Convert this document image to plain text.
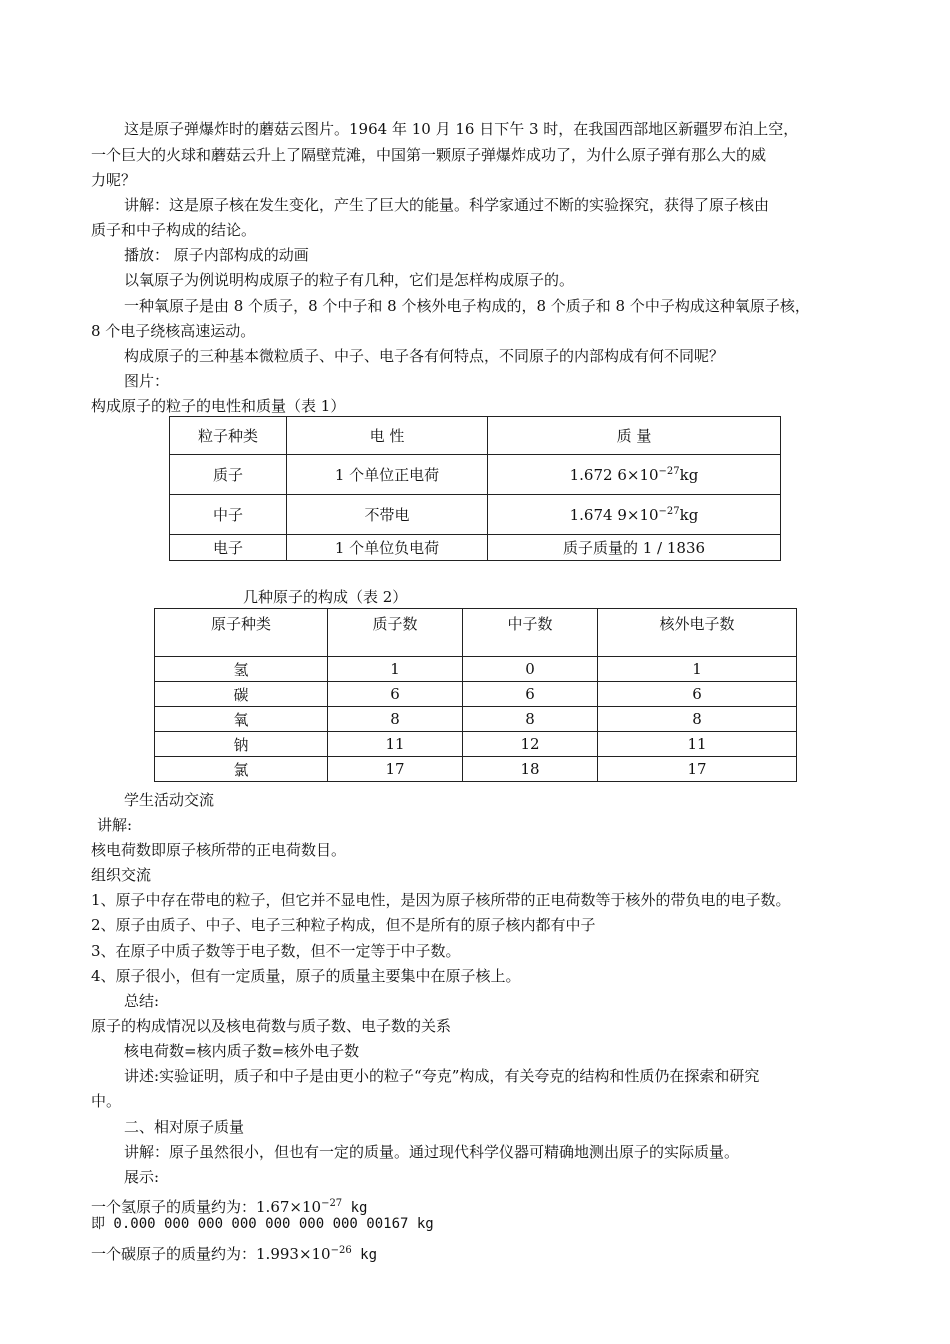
这是原子弹爆炸时的蘑菇云图片。1964 年 10 月 16 日下午 3 时，在我国西部地区新疆罗布泊上空，
一个巨大的火球和蘑菇云升上了隔壁荒滩，中国第一颗原子弹爆炸成功了，为什么原子弹有那么大的威
力呢？
讲解：这是原子核在发生变化，产生了巨大的能量。科学家通过不断的实验探究，获得了原子核由
质子和中子构成的结论。
播放： 原子内部构成的动画
以氧原子为例说明构成原子的粒子有几种，它们是怎样构成原子的。
一种氧原子是由 8 个质子，8 个中子和 8 个核外电子构成的，8 个质子和 8 个中子构成这种氧原子核，
8 个电子绕核高速运动。
构成原子的三种基本微粒质子、中子、电子各有何特点，不同原子的内部构成有何不同呢？
图片：
构成原子的粒子的电性和质量（表 1）
粒子种类	电 性	质 量
质子	1 个单位正电荷	1.672 $6\times 10^{-27}kg$
中子	不带电	1.674 $9\times 10^{-27}kg$
电子	1 个单位负电荷	质子质量的 1 / 1836
几种原子的构成（表 2）
原子种类	质子数	中子数	核外电子数
氢	1	0	1
碳	6	6	6
氧	8	8	8
钠	11	12	11
氯	17	18	17
学生活动交流
讲解:
核电荷数即原子核所带的正电荷数目。
组织交流
1、原子中存在带电的粒子，但它并不显电性，是因为原子核所带的正电荷数等于核外的带负电的电子数。
2、原子由质子、中子、电子三种粒子构成，但不是所有的原子核内都有中子
3、在原子中质子数等于电子数，但不一定等于中子数。
4、原子很小，但有一定质量，原子的质量主要集中在原子核上。
总结:
原子的构成情况以及核电荷数与质子数、电子数的关系
核电荷数=核内质子数=核外电子数
讲述:实验证明，质子和中子是由更小的粒子“夸克”构成，有关夸克的结构和性质仍在探索和研究
中。
二、相对原子质量
讲解：原子虽然很小，但也有一定的质量。通过现代科学仪器可精确地测出原子的实际质量。
展示:
一个氢原子的质量约为：$1.67\times 10^{-27}$ kg
即 0.000 000 000 000 000 000 000 00167 kg
一个碳原子的质量约为：$1.993\times 10^{-26}$ kg
